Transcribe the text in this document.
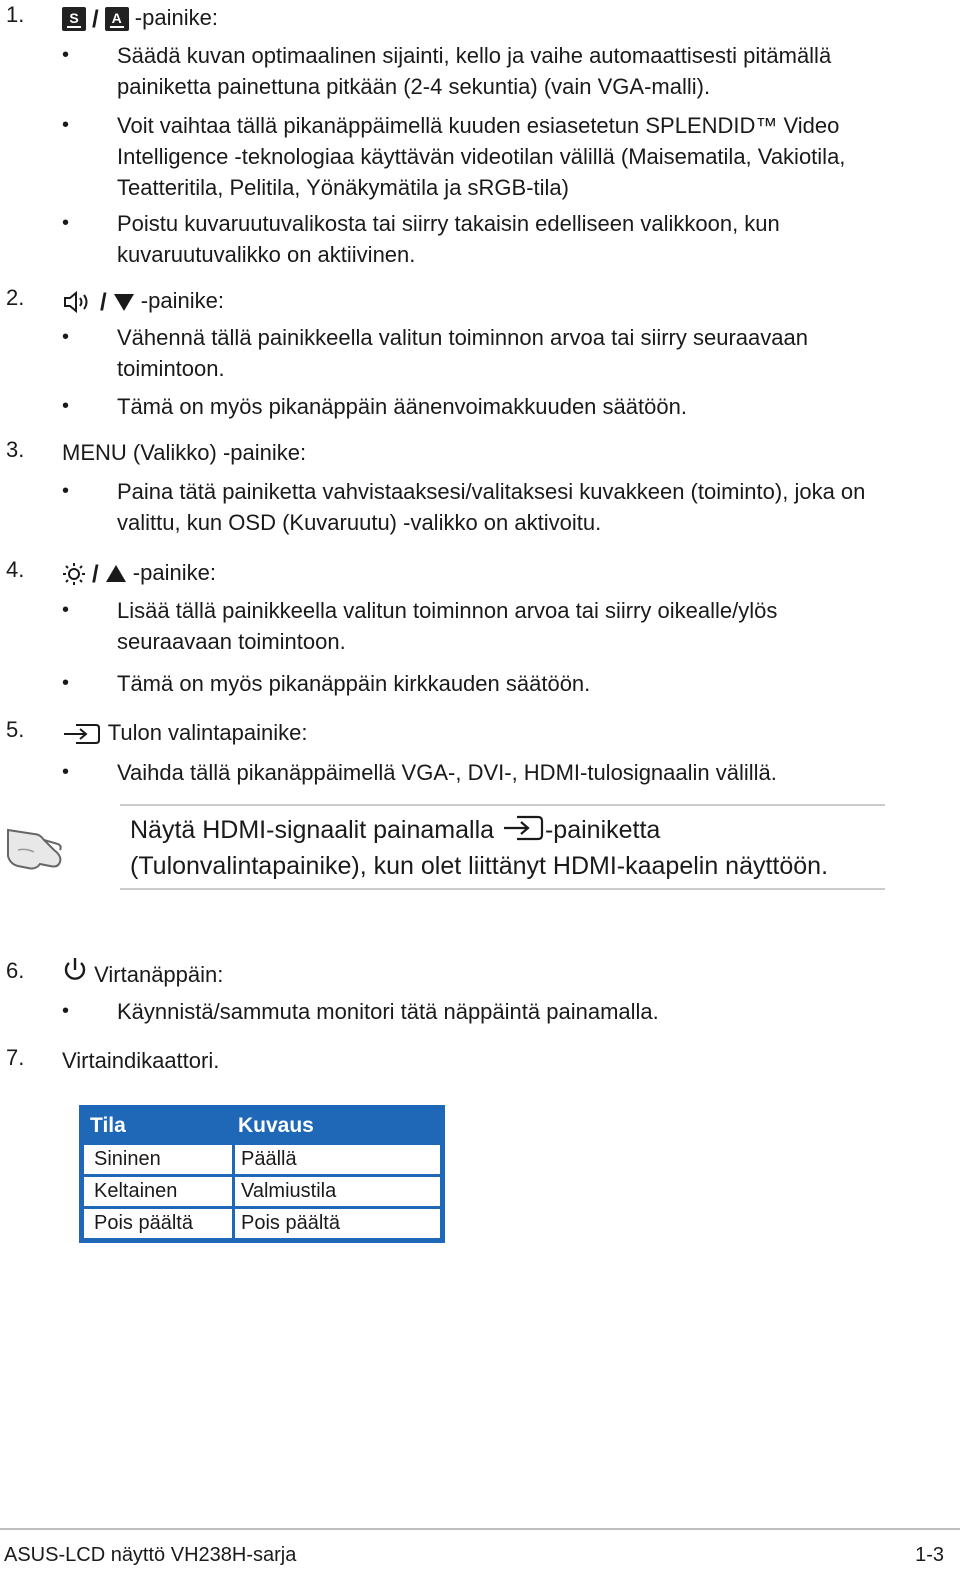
1.	S / A -painike:
• Säädä kuvan optimaalinen sijainti, kello ja vaihe automaattisesti pitämällä painiketta painettuna pitkään (2-4 sekuntia) (vain VGA-malli).
• Voit vaihtaa tällä pikanäppäimellä kuuden esiasetetun SPLENDID™ Video Intelligence -teknologiaa käyttävän videotilan välillä (Maisematila, Vakiotila, Teatteritila, Pelitila, Yönäkymätila ja sRGB-tila)
• Poistu kuvaruutuvalikosta tai siirry takaisin edelliseen valikkoon, kun kuvaruutuvalikko on aktiivinen.
2.	/ -painike:
• Vähennä tällä painikkeella valitun toiminnon arvoa tai siirry seuraavaan toimintoon.
• Tämä on myös pikanäppäin äänenvoimakkuuden säätöön.
3. MENU (Valikko) -painike:
• Paina tätä painiketta vahvistaaksesi/valitaksesi kuvakkeen (toiminto), joka on valittu, kun OSD (Kuvaruutu) -valikko on aktivoitu.
4.	/ -painike:
• Lisää tällä painikkeella valitun toiminnon arvoa tai siirry oikealle/ylös seuraavaan toimintoon.
• Tämä on myös pikanäppäin kirkkauden säätöön.
5.	Tulon valintapainike:
• Vaihda tällä pikanäppäimellä VGA-, DVI-, HDMI-tulosignaalin välillä.
Näytä HDMI-signaalit painamalla -painiketta
(Tulonvalintapainike), kun olet liittänyt HDMI-kaapelin näyttöön.
6.	Virtanäppäin:
• Käynnistä/sammuta monitori tätä näppäintä painamalla.
7. Virtaindikaattori.
Tila	Kuvaus
Sininen	Päällä
Keltainen	Valmiustila
Pois päältä	Pois päältä
ASUS-LCD näyttö VH238H-sarja	1-3
